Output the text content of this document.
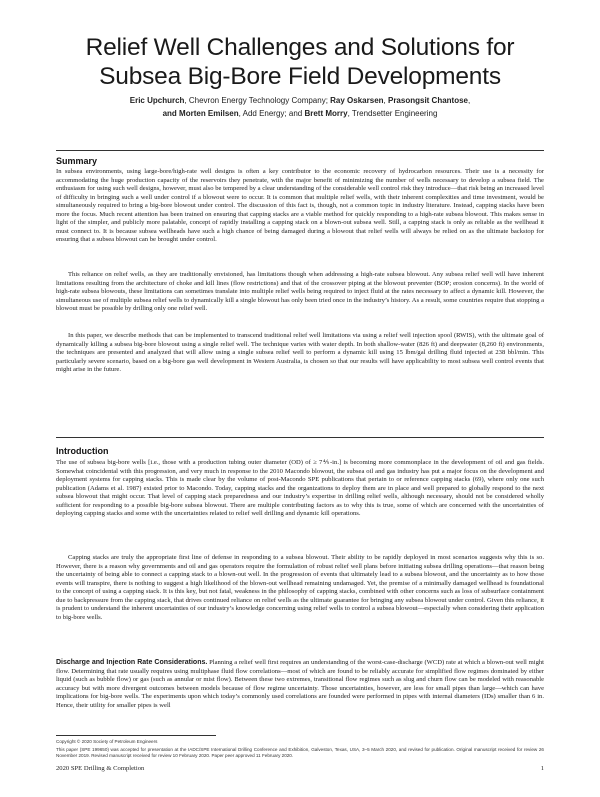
Relief Well Challenges and Solutions for
Subsea Big-Bore Field Developments
Eric Upchurch, Chevron Energy Technology Company; Ray Oskarsen, Prasongsit Chantose,
and Morten Emilsen, Add Energy; and Brett Morry, Trendsetter Engineering
Summary

In subsea environments, using large-bore/high-rate well designs is often a key contributor to the economic recovery of hydrocarbon resources. Their use is a necessity for accommodating the huge production capacity of the reservoirs they penetrate, with the major benefit of minimizing the number of wells necessary to develop a subsea field. The enthusiasm for using such well designs, however, must also be tempered by a clear understanding of the considerable well control risk they introduce—that risk being an increased level of difficulty in bringing such a well under control if a blowout were to occur. It is common that multiple relief wells, with their inherent complexities and time investment, would be simultaneously required to bring a big-bore blowout under control. The discussion of this fact is, though, not a common topic in industry literature. Instead, capping stacks have been more the focus. Much recent attention has been trained on ensuring that capping stacks are a viable method for quickly responding to a high-rate subsea blowout. This makes sense in light of the simpler, and publicly more palatable, concept of rapidly installing a capping stack on a blown-out subsea well. Still, a capping stack is only as reliable as the wellhead it must connect to. It is because subsea wellheads have such a high chance of being damaged during a blowout that relief wells will always be relied on as the ultimate backstop for ensuring that a subsea blowout can be brought under control.

This reliance on relief wells, as they are traditionally envisioned, has limitations though when addressing a high-rate subsea blowout. Any subsea relief well will have inherent limitations resulting from the architecture of choke and kill lines (flow restrictions) and that of the crossover piping at the blowout preventer (BOP; erosion concerns). In the world of high-rate subsea blowouts, these limitations can sometimes translate into multiple relief wells being required to inject fluid at the rates necessary to affect a dynamic kill. However, the simultaneous use of multiple subsea relief wells to dynamically kill a single blowout has only been tried once in the industry’s history. As a result, some countries require that stopping a blowout must be possible by drilling only one relief well.

In this paper, we describe methods that can be implemented to transcend traditional relief well limitations via using a relief well injection spool (RWIS), with the ultimate goal of dynamically killing a subsea big-bore blowout using a single relief well. The technique varies with water depth. In both shallow-water (826 ft) and deepwater (8,260 ft) environments, the techniques are presented and analyzed that will allow using a single subsea relief well to perform a dynamic kill using 15 lbm/gal drilling fluid injected at 238 bbl/min. This particularly severe scenario, based on a big-bore gas well development in Western Australia, is chosen so that our results will have applicability to most subsea well control events that might arise in the future.

Introduction

The use of subsea big-bore wells [i.e., those with a production tubing outer diameter (OD) of ≥ 7⅘-in.] is becoming more commonplace in the development of oil and gas fields. Somewhat coincidental with this progression, and very much in response to the 2010 Macondo blowout, the subsea oil and gas industry has put a major focus on the development and deployment systems for capping stacks. This is made clear by the volume of post-Macondo SPE publications that pertain to or reference capping stacks (69), where only one such publication (Adams et al. 1987) existed prior to Macondo. Today, capping stacks and the organizations to deploy them are in place and well prepared to globally respond to the next subsea blowout that might occur. That level of capping stack preparedness and our industry’s expertise in drilling relief wells, although necessary, should not be considered wholly sufficient for responding to a possible big-bore subsea blowout. There are multiple contributing factors as to why this is true, some of which are concerned with the uncertainties of deploying capping stacks and some with the uncertainties related to relief well drilling and dynamic kill operations.

Capping stacks are truly the appropriate first line of defense in responding to a subsea blowout. Their ability to be rapidly deployed in most scenarios suggests why this is so. However, there is a reason why governments and oil and gas operators require the formulation of robust relief well plans before initiating subsea drilling operations—that reason being the uncertainty of being able to connect a capping stack to a blown-out well. In the progression of events that ultimately lead to a subsea blowout, and the uncertainty as to how those events will transpire, there is nothing to suggest a high likelihood of the blown-out wellhead remaining undamaged. Yet, the premise of a minimally damaged wellhead is foundational to the concept of using a capping stack. It is this key, but not fatal, weakness in the philosophy of capping stacks, combined with other concerns such as loss of subsurface containment due to backpressure from the capping stack, that drives continued reliance on relief wells as the ultimate guarantee for bringing any subsea blowout under control. Given this reliance, it is prudent to understand the inherent uncertainties of our industry’s knowledge concerning using relief wells to control a subsea blowout—especially when considering their application to big-bore wells.

Discharge and Injection Rate Considerations. Planning a relief well first requires an understanding of the worst-case-discharge (WCD) rate at which a blown-out well might flow. Determining that rate usually requires using multiphase fluid flow correlations—most of which are found to be reliably accurate for simplified flow regimes dominated by either liquid (such as bubble flow) or gas (such as annular or mist flow). Between these two extremes, transitional flow regimes such as slug and churn flow can be modeled with reasonable accuracy but with more divergent outcomes between models because of flow regime uncertainty. Those uncertainties, however, are less for small pipes than large—which can have implications for big-bore wells. The experiments upon which today’s commonly used correlations are founded were performed in pipes with internal diameters (IDs) smaller than 6 in. Hence, their utility for smaller pipes is well

Copyright © 2020 Society of Petroleum Engineers

This paper (SPE 199650) was accepted for presentation at the IADC/SPE International Drilling Conference and Exhibition, Galveston, Texas, USA, 3–5 March 2020, and revised for publication. Original manuscript received for review 26 November 2019. Revised manuscript received for review 10 February 2020. Paper peer approved 11 February 2020.

2020 SPE Drilling & Completion	1
